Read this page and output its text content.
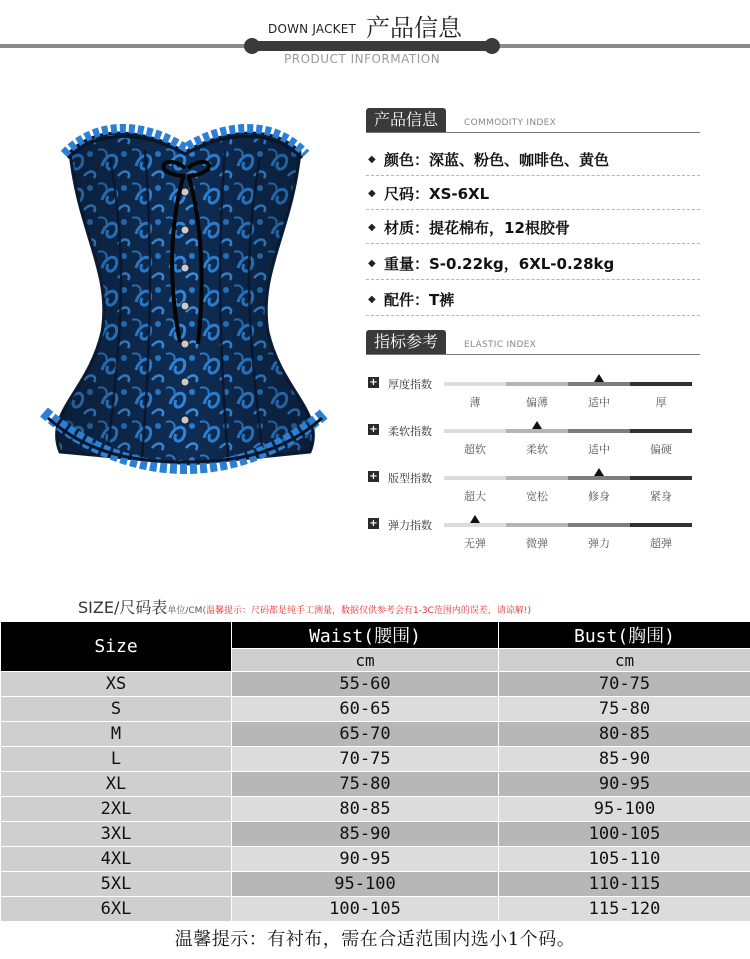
DOWN JACKET 产品信息
PRODUCT INFORMATION
产品信息	COMMODITY INDEX
◆ 颜色：深蓝、粉色、咖啡色、黄色
◆ 尺码：XS-6XL
◆ 材质：提花棉布，12根胶骨
◆ 重量：S-0.22kg，6XL-0.28kg
◆ 配件：T裤
指标参考	ELASTIC INDEX
+ 厚度指数
薄	偏薄	适中	厚
+ 柔软指数
超软	柔软	适中	偏硬
+ 版型指数
超大	宽松	修身	紧身
+ 弹力指数
无弹	微弹	弹力	超弹
SIZE/尺码表单位/CM(温馨提示：尺码都是纯手工测量，数据仅供参考会有1-3C范围内的误差，请谅解!)
Size	Waist(腰围)	Bust(胸围)
	cm	cm
XS	55-60	70-75
S	60-65	75-80
M	65-70	80-85
L	70-75	85-90
XL	75-80	90-95
2XL	80-85	95-100
3XL	85-90	100-105
4XL	90-95	105-110
5XL	95-100	110-115
6XL	100-105	115-120
温馨提示：有衬布，需在合适范围内选小1个码。
